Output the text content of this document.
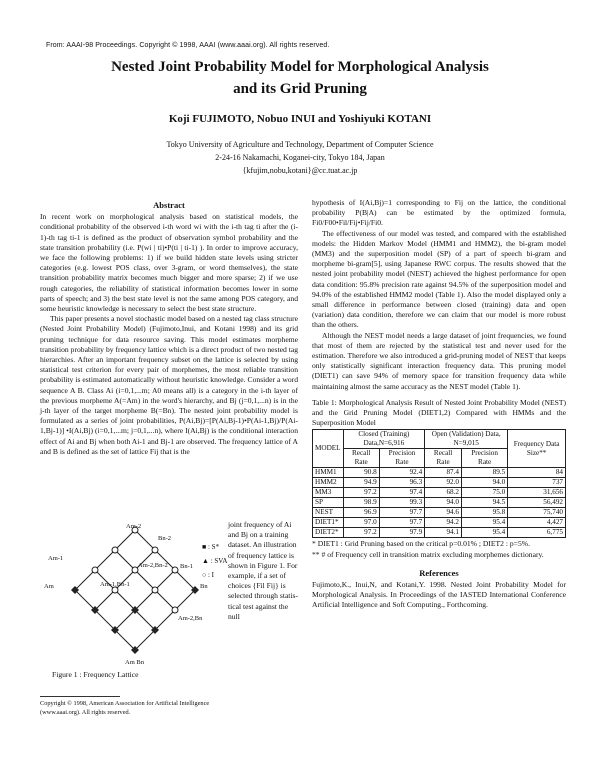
From: AAAI-98 Proceedings. Copyright © 1998, AAAI (www.aaai.org). All rights reserved.
Nested Joint Probability Model for Morphological Analysis
and its Grid Pruning
Koji FUJIMOTO, Nobuo INUI and Yoshiyuki KOTANI
Tokyo University of Agriculture and Technology, Department of Computer Science
2-24-16 Nakamachi, Koganei-city, Tokyo 184, Japan
{kfujim,nobu,kotani}@cc.tuat.ac.jp
Abstract

In recent work on morphological analysis based on statistical models, the conditional probability of the observed i-th word wi with the i-th tag ti after the (i-1)-th tag ti-1 is defined as the product of observation symbol probability and the state transition probability (i.e. P(wi | ti)•P(ti | ti-1) ). In order to improve accuracy, we face the following problems: 1) if we build hidden state levels using stricter categories (e.g. lowest POS class, over 3-gram, or word themselves), the state transition probability matrix becomes much bigger and more sparse; 2) if we use rough categories, the reliability of statistical information becomes lower in some parts of speech; and 3) the best state level is not the same among POS category, and some heuristic knowledge is necessary to select the best state structure.

This paper presents a novel stochastic model based on a nested tag class structure (Nested Joint Probability Model) (Fujimoto,Inui, and Kotani 1998) and its grid pruning technique for data resource saving. This model estimates morpheme transition probability by frequency lattice which is a direct product of two nested tag hierarchies. After an important frequency subset on the lattice is selected by using statistical test criterion for every pair of morphemes, the most reliable transition probability is estimated automatically without heuristic knowledge. Consider a word sequence A B. Class Ai (i=0,1,...m; A0 means all) is a category in the i-th layer of the previous morpheme A(=Am) in the word's hierarchy, and Bj (j=0,1,...n) is in the j-th layer of the target morpheme B(=Bn). The nested joint probability model is formulated as a series of joint probabilities, P(Ai,Bj)=[P(Ai,Bj-1)•P(Ai-1,Bj)/P(Ai-1,Bj-1)] •I(Ai,Bj) (i=0,1,...m; j=0,1,...n), where I(Ai,Bj) is the conditional interaction effect of Ai and Bj when both Ai-1 and Bj-1 are observed. The frequency lattice of A and B is defined as the set of lattice Fij that is the

Am-2
Bn-2
Am-1
Am-2,Bn-2 Bn-1
Am	Am-1,Bn-1	Bn
Am-2,Bn
Am Bn
■ : S*
▲ : SVA
○ : I
joint frequency of Ai and Bj on a training dataset. An illustration of frequency lattice is shown in Figure 1. For example, if a set of choices {Fil Fij} is selected through statis-tical test against the null
Figure 1 : Frequency Lattice
Copyright © 1998, American Association for Artificial Intelligence (www.aaai.org). All rights reserved.

hypothesis of I(Ai,Bj)=1 corresponding to Fij on the lattice, the conditional probability P(B|A) can be estimated by the optimized formula, Fi0/F00•Fil/Fij•Fij/Fi0.

The effectiveness of our model was tested, and compared with the established models: the Hidden Markov Model (HMM1 and HMM2), the bi-gram model (MM3) and the superposition model (SP) of a part of speech bi-gram and morpheme bi-gram[5], using Japanese RWC corpus. The results showed that the nested joint probability model (NEST) achieved the highest performance for open data condition: 95.8% precision rate against 94.5% of the superposition model and 94.0% of the established HMM2 model (Table 1). Also the model displayed only a small difference in performance between closed (training) data and open (variation) data condition, therefore we can claim that our model is more robust than the others.

Although the NEST model needs a large dataset of joint frequencies, we found that most of them are rejected by the statistical test and never used for the estimation. Therefore we also introduced a grid-pruning model of NEST that keeps only statistically significant interaction frequency data. This pruning model (DIET1) can save 94% of memory space for transition frequency data while maintaining almost the same accuracy as the NEST model (Table 1).

Table 1: Morphological Analysis Result of Nested Joint Probability Model (NEST) and the Grid Pruning Model (DIET1,2) Compared with HMMs and the Superposition Model
MODEL	Closed (Training) Data,N=6,916		Open (Validation) Data, N=9,015		Frequency Data Size**
	Recall Rate	Precision Rate	Recall Rate	Precision Rate	
HMM1	90.8	92.4	87.4	89.5	84
HMM2	94.9	96.3	92.0	94.0	737
MM3	97.2	97.4	68.2	75.0	31,656
SP	98.9	99.3	94.0	94.5	56,492
NEST	96.9	97.7	94.6	95.8	75,740
DIET1*	97.0	97.7	94.2	95.4	4,427
DIET2*	97.2	97.9	94.1	95.4	6,775
* DIET1 : Grid Pruning based on the critical p=0.01% ; DIET2 : p=5%.
** # of Frequency cell in transition matrix excluding morphemes dictionary.
References
Fujimoto,K., Inui,N, and Kotani,Y. 1998. Nested Joint Probability Model for Morphological Analysis. In Proceedings of the IASTED International Conference Artificial Intelligence and Soft Computing., Forthcoming.
